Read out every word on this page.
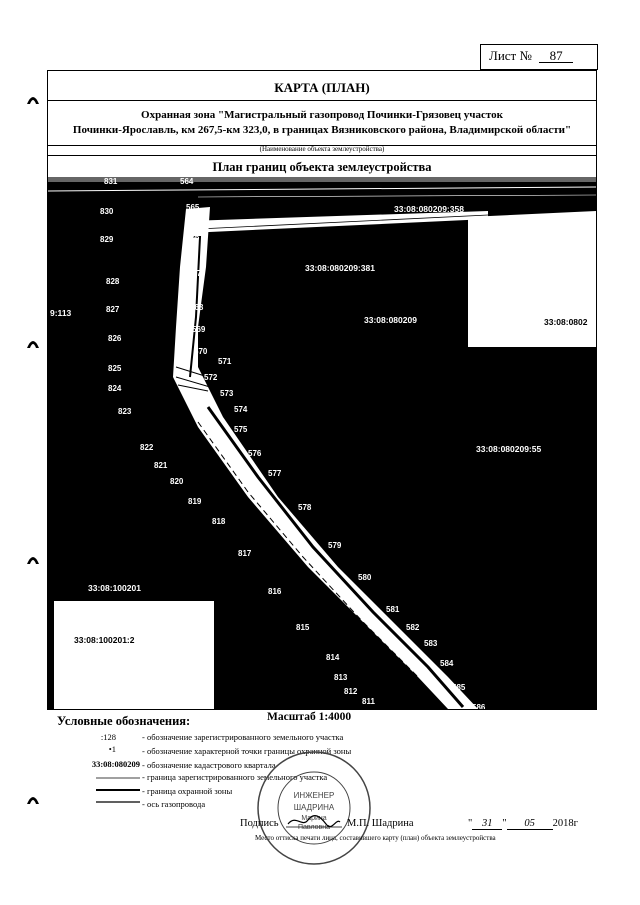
Лист № 87
КАРТА (ПЛАН)
Охранная зона "Магистральный газопровод Починки-Грязовец участок
Починки-Ярославль, км 267,5-км 323,0, в границах Вязниковского района, Владимирской области"
(Наименование объекта землеустройства)
План границ объекта землеустройства
33:08:080209:358
33:08:080209:381
33:08:080209	33:08:0802
33:08:080209:55
9:113
33:08:100201
33:08:100201:2
564
565
566
567
568
569
570
571
572
573
574
575
576
577
578
579
580
581
582
583
584
585
586
831
830
829
828
827
826
825
824
823
822
821
820
819
818
817
816
815
814
813
812
811
Масштаб 1:4000
Условные обозначения:
:128	- обозначение зарегистрированного земельного участка
•1	- обозначение характерной точки границы охранной зоны
33:08:080209 - обозначение кадастрового квартала
- граница зарегистрированного земельного участка
- граница охранной зоны
- ось газопровода
ИНЖЕНЕР
ШАДРИНА
Марина
Павловна
Подпись	М.П. Шадрина	" 31 " 05 2018г
Место оттиска печати лица, составившего карту (план) объекта землеустройства
